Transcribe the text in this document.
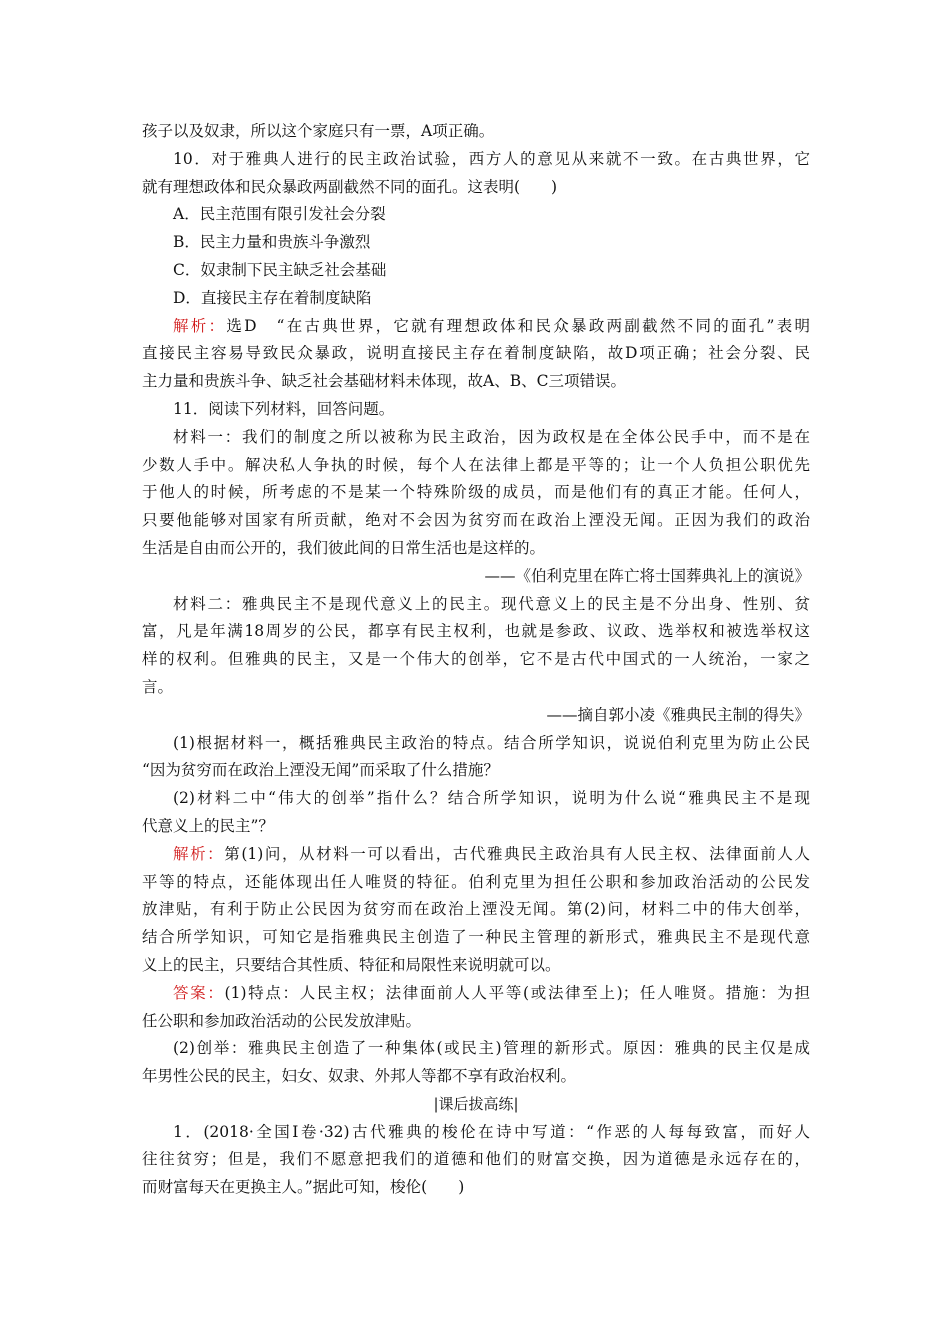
孩子以及奴隶，所以这个家庭只有一票，A项正确。
10．对于雅典人进行的民主政治试验，西方人的意见从来就不一致。在古典世界，它
就有理想政体和民众暴政两副截然不同的面孔。这表明(　　)
A．民主范围有限引发社会分裂
B．民主力量和贵族斗争激烈
C．奴隶制下民主缺乏社会基础
D．直接民主存在着制度缺陷
解析：选D　“在古典世界，它就有理想政体和民众暴政两副截然不同的面孔”表明
直接民主容易导致民众暴政，说明直接民主存在着制度缺陷，故D项正确；社会分裂、民
主力量和贵族斗争、缺乏社会基础材料未体现，故A、B、C三项错误。
11．阅读下列材料，回答问题。
材料一：我们的制度之所以被称为民主政治，因为政权是在全体公民手中，而不是在
少数人手中。解决私人争执的时候，每个人在法律上都是平等的；让一个人负担公职优先
于他人的时候，所考虑的不是某一个特殊阶级的成员，而是他们有的真正才能。任何人，
只要他能够对国家有所贡献，绝对不会因为贫穷而在政治上湮没无闻。正因为我们的政治
生活是自由而公开的，我们彼此间的日常生活也是这样的。
——《伯利克里在阵亡将士国葬典礼上的演说》
材料二：雅典民主不是现代意义上的民主。现代意义上的民主是不分出身、性别、贫
富，凡是年满18周岁的公民，都享有民主权利，也就是参政、议政、选举权和被选举权这
样的权利。但雅典的民主，又是一个伟大的创举，它不是古代中国式的一人统治，一家之
言。
——摘自郭小凌《雅典民主制的得失》
(1)根据材料一，概括雅典民主政治的特点。结合所学知识，说说伯利克里为防止公民
“因为贫穷而在政治上湮没无闻”而采取了什么措施？
(2)材料二中“伟大的创举”指什么？结合所学知识，说明为什么说“雅典民主不是现
代意义上的民主”？
解析：第(1)问，从材料一可以看出，古代雅典民主政治具有人民主权、法律面前人人
平等的特点，还能体现出任人唯贤的特征。伯利克里为担任公职和参加政治活动的公民发
放津贴，有利于防止公民因为贫穷而在政治上湮没无闻。第(2)问，材料二中的伟大创举，
结合所学知识，可知它是指雅典民主创造了一种民主管理的新形式，雅典民主不是现代意
义上的民主，只要结合其性质、特征和局限性来说明就可以。
答案：(1)特点：人民主权；法律面前人人平等(或法律至上)；任人唯贤。措施：为担
任公职和参加政治活动的公民发放津贴。
(2)创举：雅典民主创造了一种集体(或民主)管理的新形式。原因：雅典的民主仅是成
年男性公民的民主，妇女、奴隶、外邦人等都不享有政治权利。
|课后拔高练|
1．(2018·全国Ⅰ卷·32)古代雅典的梭伦在诗中写道：“作恶的人每每致富，而好人
往往贫穷；但是，我们不愿意把我们的道德和他们的财富交换，因为道德是永远存在的，
而财富每天在更换主人。”据此可知，梭伦(　　)
